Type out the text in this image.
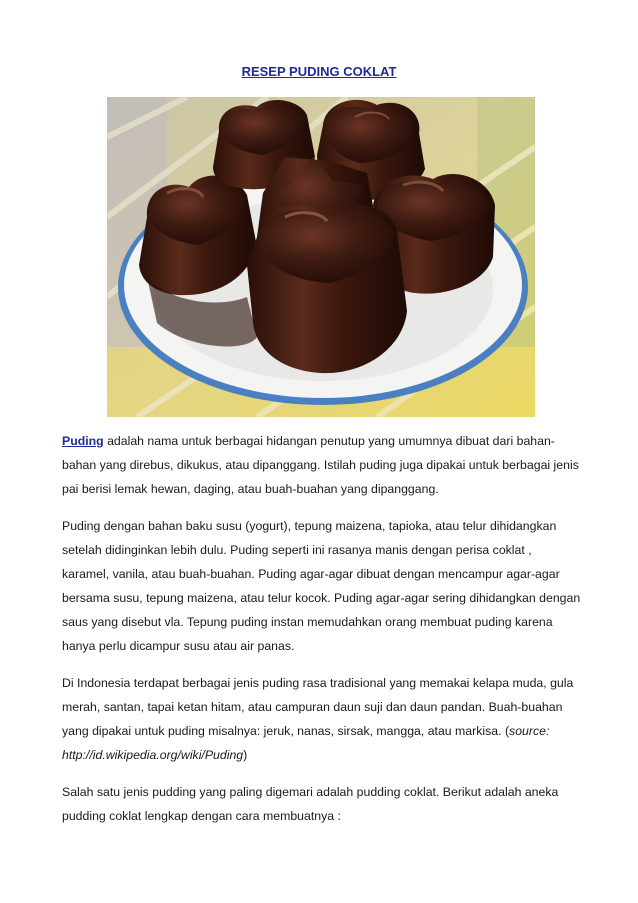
RESEP PUDING COKLAT

Puding adalah nama untuk berbagai hidangan penutup yang umumnya dibuat dari bahan-bahan yang direbus, dikukus, atau dipanggang. Istilah puding juga dipakai untuk berbagai jenis pai berisi lemak hewan, daging, atau buah-buahan yang dipanggang.

Puding dengan bahan baku susu (yogurt), tepung maizena, tapioka, atau telur dihidangkan setelah didinginkan lebih dulu. Puding seperti ini rasanya manis dengan perisa coklat , karamel, vanila, atau buah-buahan. Puding agar-agar dibuat dengan mencampur agar-agar bersama susu, tepung maizena, atau telur kocok. Puding agar-agar sering dihidangkan dengan saus yang disebut vla. Tepung puding instan memudahkan orang membuat puding karena hanya perlu dicampur susu atau air panas.

Di Indonesia terdapat berbagai jenis puding rasa tradisional yang memakai kelapa muda, gula merah, santan, tapai ketan hitam, atau campuran daun suji dan daun pandan. Buah-buahan yang dipakai untuk puding misalnya: jeruk, nanas, sirsak, mangga, atau markisa. (source: http://id.wikipedia.org/wiki/Puding)

Salah satu jenis pudding yang paling digemari adalah pudding coklat. Berikut adalah aneka pudding coklat lengkap dengan cara membuatnya :
